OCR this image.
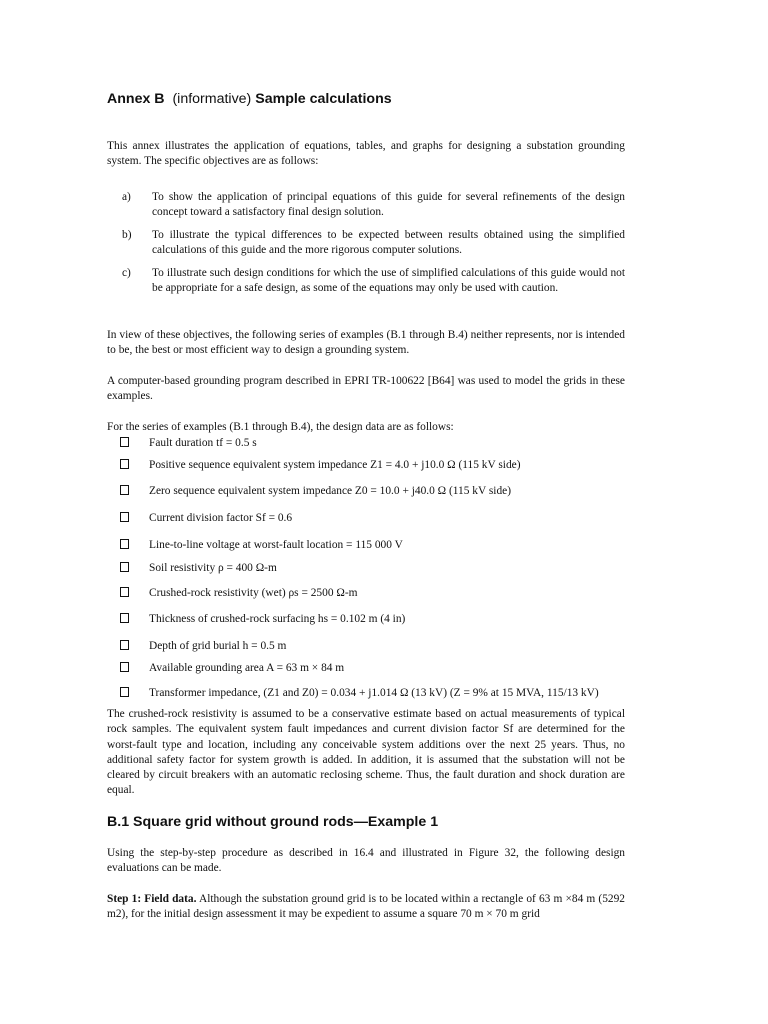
Annex B (informative) Sample calculations
This annex illustrates the application of equations, tables, and graphs for designing a substation grounding system. The specific objectives are as follows:
a) To show the application of principal equations of this guide for several refinements of the design concept toward a satisfactory final design solution.
b) To illustrate the typical differences to be expected between results obtained using the simplified calculations of this guide and the more rigorous computer solutions.
c) To illustrate such design conditions for which the use of simplified calculations of this guide would not be appropriate for a safe design, as some of the equations may only be used with caution.
In view of these objectives, the following series of examples (B.1 through B.4) neither represents, nor is intended to be, the best or most efficient way to design a grounding system.
A computer-based grounding program described in EPRI TR-100622 [B64] was used to model the grids in these examples.
For the series of examples (B.1 through B.4), the design data are as follows:
Fault duration tf = 0.5 s
Positive sequence equivalent system impedance Z1 = 4.0 + j10.0 Ω (115 kV side)
Zero sequence equivalent system impedance Z0 = 10.0 + j40.0 Ω (115 kV side)
Current division factor Sf = 0.6
Line-to-line voltage at worst-fault location = 115 000 V
Soil resistivity ρ = 400 Ω-m
Crushed-rock resistivity (wet) ρs = 2500 Ω-m
Thickness of crushed-rock surfacing hs = 0.102 m (4 in)
Depth of grid burial h = 0.5 m
Available grounding area A = 63 m × 84 m
Transformer impedance, (Z1 and Z0) = 0.034 + j1.014 Ω (13 kV) (Z = 9% at 15 MVA, 115/13 kV)
The crushed-rock resistivity is assumed to be a conservative estimate based on actual measurements of typical rock samples. The equivalent system fault impedances and current division factor Sf are determined for the worst-fault type and location, including any conceivable system additions over the next 25 years. Thus, no additional safety factor for system growth is added. In addition, it is assumed that the substation will not be cleared by circuit breakers with an automatic reclosing scheme. Thus, the fault duration and shock duration are equal.
B.1 Square grid without ground rods—Example 1
Using the step-by-step procedure as described in 16.4 and illustrated in Figure 32, the following design evaluations can be made.
Step 1: Field data. Although the substation ground grid is to be located within a rectangle of 63 m ×84 m (5292 m2), for the initial design assessment it may be expedient to assume a square 70 m × 70 m grid
